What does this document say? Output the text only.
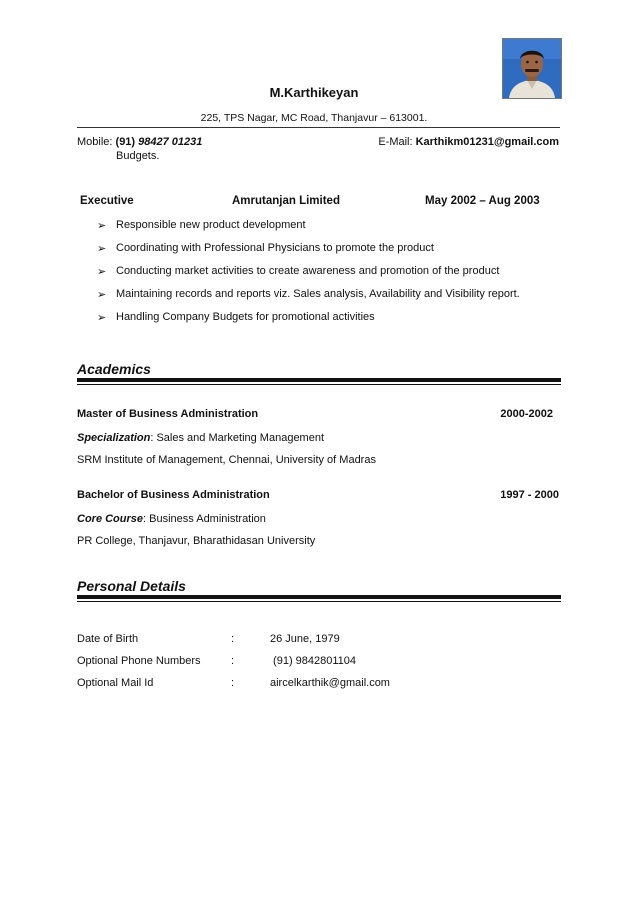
M.Karthikeyan
225, TPS Nagar, MC Road, Thanjavur – 613001.
Mobile: (91) 98427 01231
Budgets.
E-Mail: Karthikm01231@gmail.com
Executive	Amrutanjan Limited	May 2002 – Aug 2003
➢ Responsible new product development
➢ Coordinating with Professional Physicians to promote the product
➢ Conducting market activities to create awareness and promotion of the product
➢ Maintaining records and reports viz. Sales analysis, Availability and Visibility report.
➢ Handling Company Budgets for promotional activities
Academics
Master of Business Administration	2000-2002
Specialization: Sales and Marketing Management
SRM Institute of Management, Chennai, University of Madras
Bachelor of Business Administration	1997 - 2000
Core Course: Business Administration
PR College, Thanjavur, Bharathidasan University
Personal Details
Date of Birth	:	26 June, 1979
Optional Phone Numbers	:	(91) 9842801104
Optional Mail Id	:	aircelkarthik@gmail.com
